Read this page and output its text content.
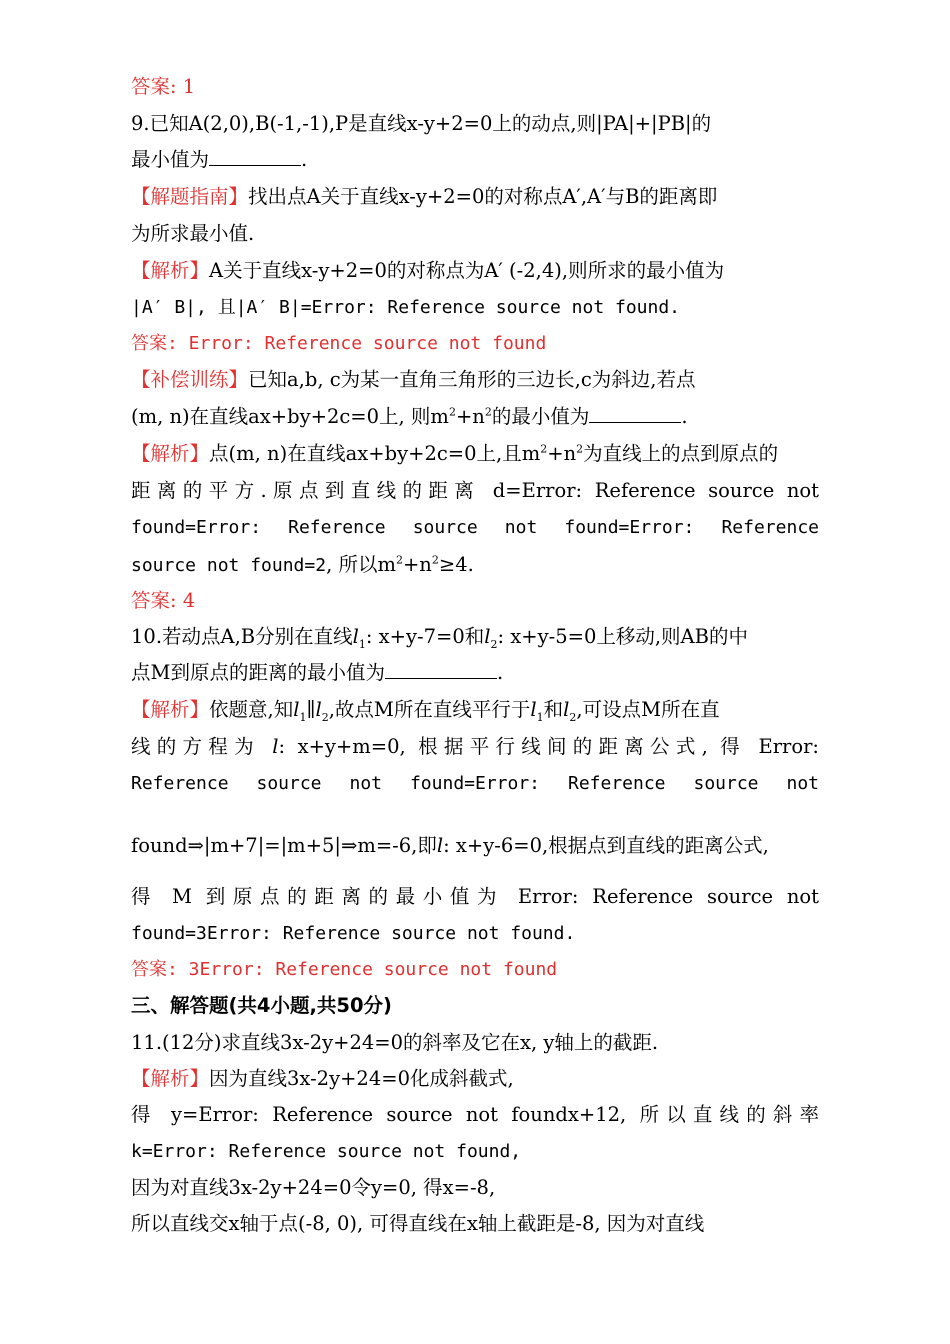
答案: 1
9.已知A(2,0),B(-1,-1),P是直线x-y+2=0上的动点,则|PA|+|PB|的
最小值为	.
【解题指南】找出点A关于直线x-y+2=0的对称点A′,A′与B的距离即
为所求最小值.
【解析】A关于直线x-y+2=0的对称点为A′ (-2,4),则所求的最小值为
|A′ B|, 且|A′ B|=Error: Reference source not found.
答案: Error: Reference source not found
【补偿训练】已知a,b, c为某一直角三角形的三边长,c为斜边,若点
(m, n)在直线ax+by+2c=0上, 则$m^2+n^2$的最小值为	.
【解析】点(m, n)在直线ax+by+2c=0上,且$m^2+n^2$为直线上的点到原点的
距离的平方.原点到直线的距离 d=Error: Reference source not
found=Error: Reference source not found=Error: Reference
source not found=2, 所以$m^2+n^2\ge 4$.
答案: 4
10.若动点A,B分别在直线$l_1$: x+y-7=0和$l_2$: x+y-5=0上移动,则AB的中
点M到原点的距离的最小值为	.
【解析】依题意,知$l_1\parallel l_2$,故点M所在直线平行于$l_1$和$l_2$,可设点M所在直
线的方程为 l: x+y+m=0, 根据平行线间的距离公式, 得 Error:
Reference source not found=Error: Reference source not
found⇒|m+7|=|m+5|⇒m=-6,即l: x+y-6=0,根据点到直线的距离公式,
得 M 到原点的距离的最小值为 Error: Reference source not
found=3Error: Reference source not found.
答案: 3Error: Reference source not found
三、解答题(共4小题,共50分)
11.(12分)求直线3x-2y+24=0的斜率及它在x, y轴上的截距.
【解析】因为直线3x-2y+24=0化成斜截式,
得 y=Error: Reference source not foundx+12, 所以直线的斜率
k=Error: Reference source not found,
因为对直线3x-2y+24=0令y=0, 得x=-8,
所以直线交x轴于点(-8, 0), 可得直线在x轴上截距是-8, 因为对直线
